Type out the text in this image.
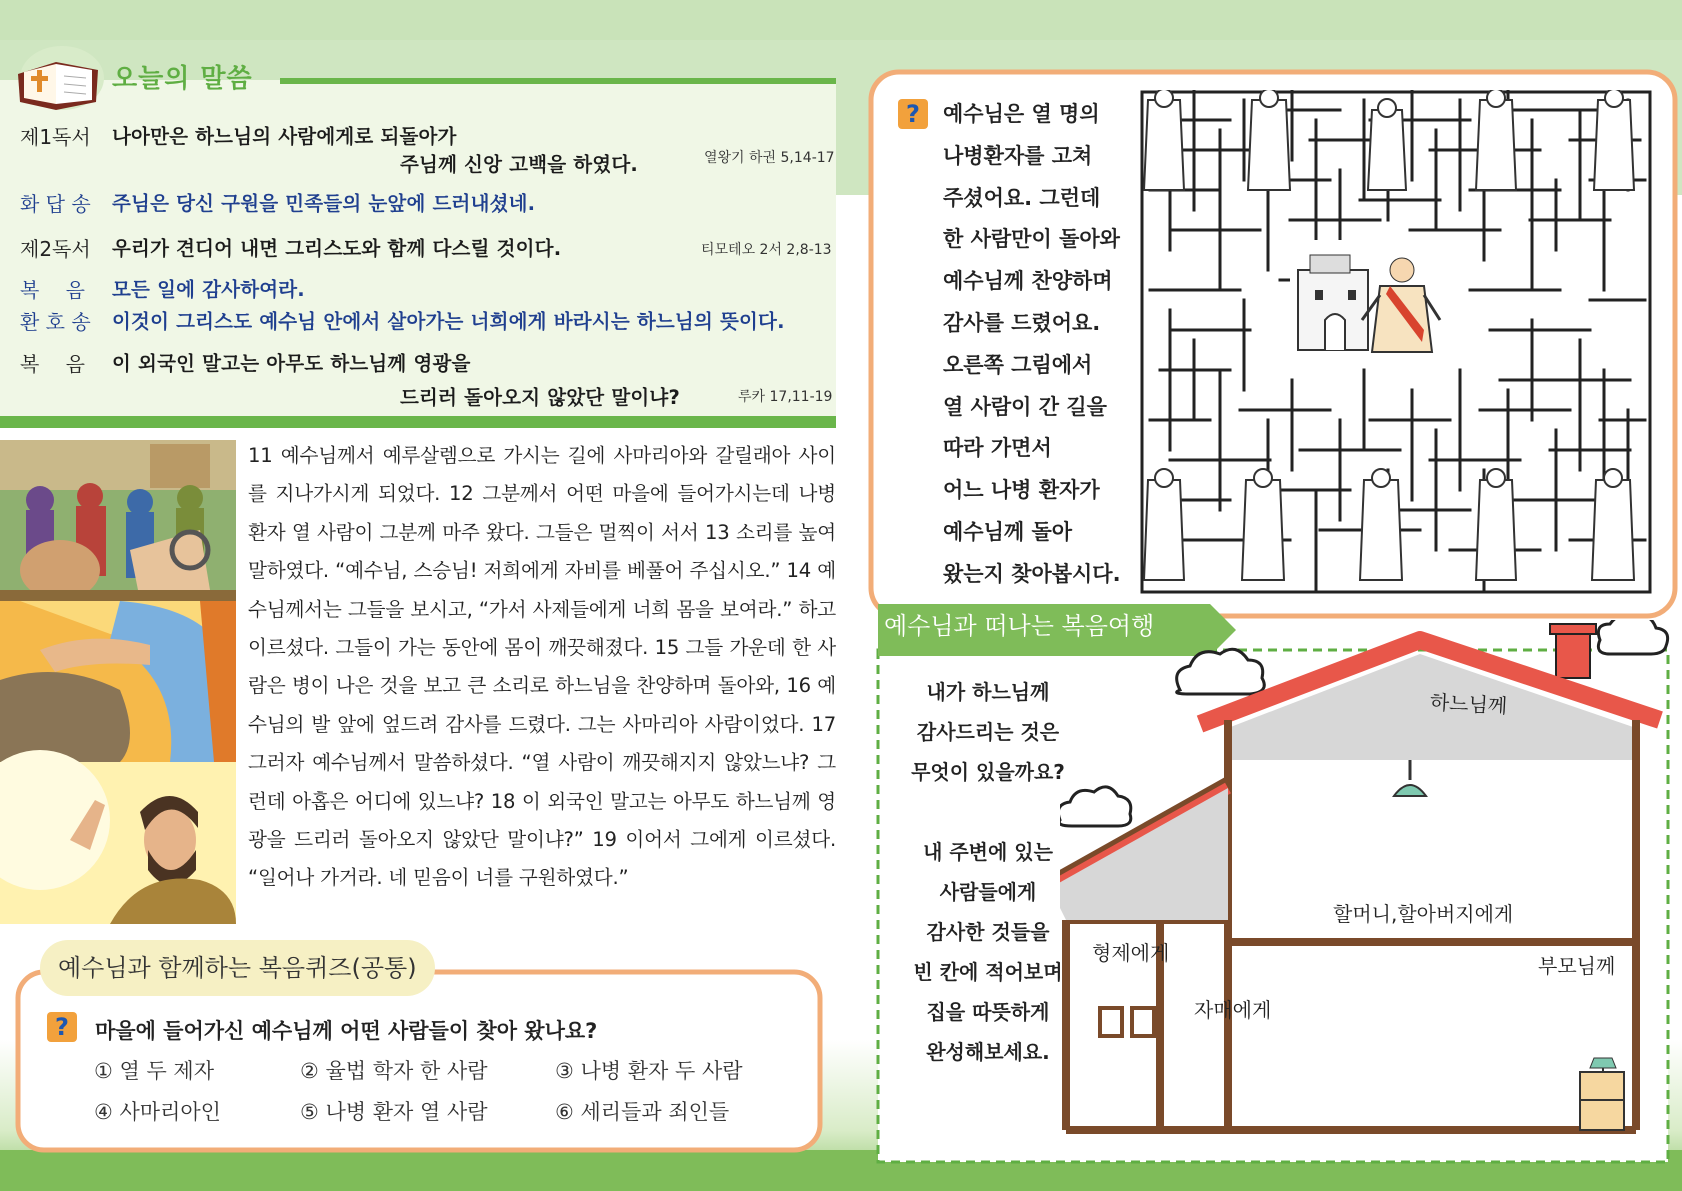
오늘의 말씀
제1독서	나아만은 하느님의 사람에게로 되돌아가
주님께 신앙 고백을 하였다.	열왕기 하권 5,14-17
화 답 송	주님은 당신 구원을 민족들의 눈앞에 드러내셨네.
제2독서	우리가 견디어 내면 그리스도와 함께 다스릴 것이다.	티모테오 2서 2,8-13
복　 음	모든 일에 감사하여라.
환 호 송	이것이 그리스도 예수님 안에서 살아가는 너희에게 바라시는 하느님의 뜻이다.
복　 음	이 외국인 말고는 아무도 하느님께 영광을
드리러 돌아오지 않았단 말이냐?	루카 17,11-19
11 예수님께서 예루살렘으로 가시는 길에 사마리아와 갈릴래아 사이를 지나가시게 되었다. 12 그분께서 어떤 마을에 들어가시는데 나병 환자 열 사람이 그분께 마주 왔다. 그들은 멀찍이 서서 13 소리를 높여 말하였다. “예수님, 스승님! 저희에게 자비를 베풀어 주십시오.” 14 예수님께서는 그들을 보시고, “가서 사제들에게 너희 몸을 보여라.” 하고 이르셨다. 그들이 가는 동안에 몸이 깨끗해졌다. 15 그들 가운데 한 사람은 병이 나은 것을 보고 큰 소리로 하느님을 찬양하며 돌아와, 16 예수님의 발 앞에 엎드려 감사를 드렸다. 그는 사마리아 사람이었다. 17 그러자 예수님께서 말씀하셨다. “열 사람이 깨끗해지지 않았느냐? 그런데 아홉은 어디에 있느냐? 18 이 외국인 말고는 아무도 하느님께 영광을 드리러 돌아오지 않았단 말이냐?” 19 이어서 그에게 이르셨다. “일어나 가거라. 네 믿음이 너를 구원하였다.”
예수님과 함께하는 복음퀴즈(공통)
?	마을에 들어가신 예수님께 어떤 사람들이 찾아 왔나요?
① 열 두 제자	② 율법 학자 한 사람	③ 나병 환자 두 사람
④ 사마리아인	⑤ 나병 환자 열 사람	⑥ 세리들과 죄인들
?	예수님은 열 명의
나병환자를 고쳐
주셨어요. 그런데
한 사람만이 돌아와
예수님께 찬양하며
감사를 드렸어요.
오른쪽 그림에서
열 사람이 간 길을
따라 가면서
어느 나병 환자가
예수님께 돌아
왔는지 찾아봅시다.
예수님과 떠나는 복음여행
내가 하느님께
감사드리는 것은
무엇이 있을까요?
내 주변에 있는
사람들에게
감사한 것들을
빈 칸에 적어보며
집을 따뜻하게
완성해보세요.
하느님께
할머니,할아버지에게
형제에게
자매에게
부모님께
